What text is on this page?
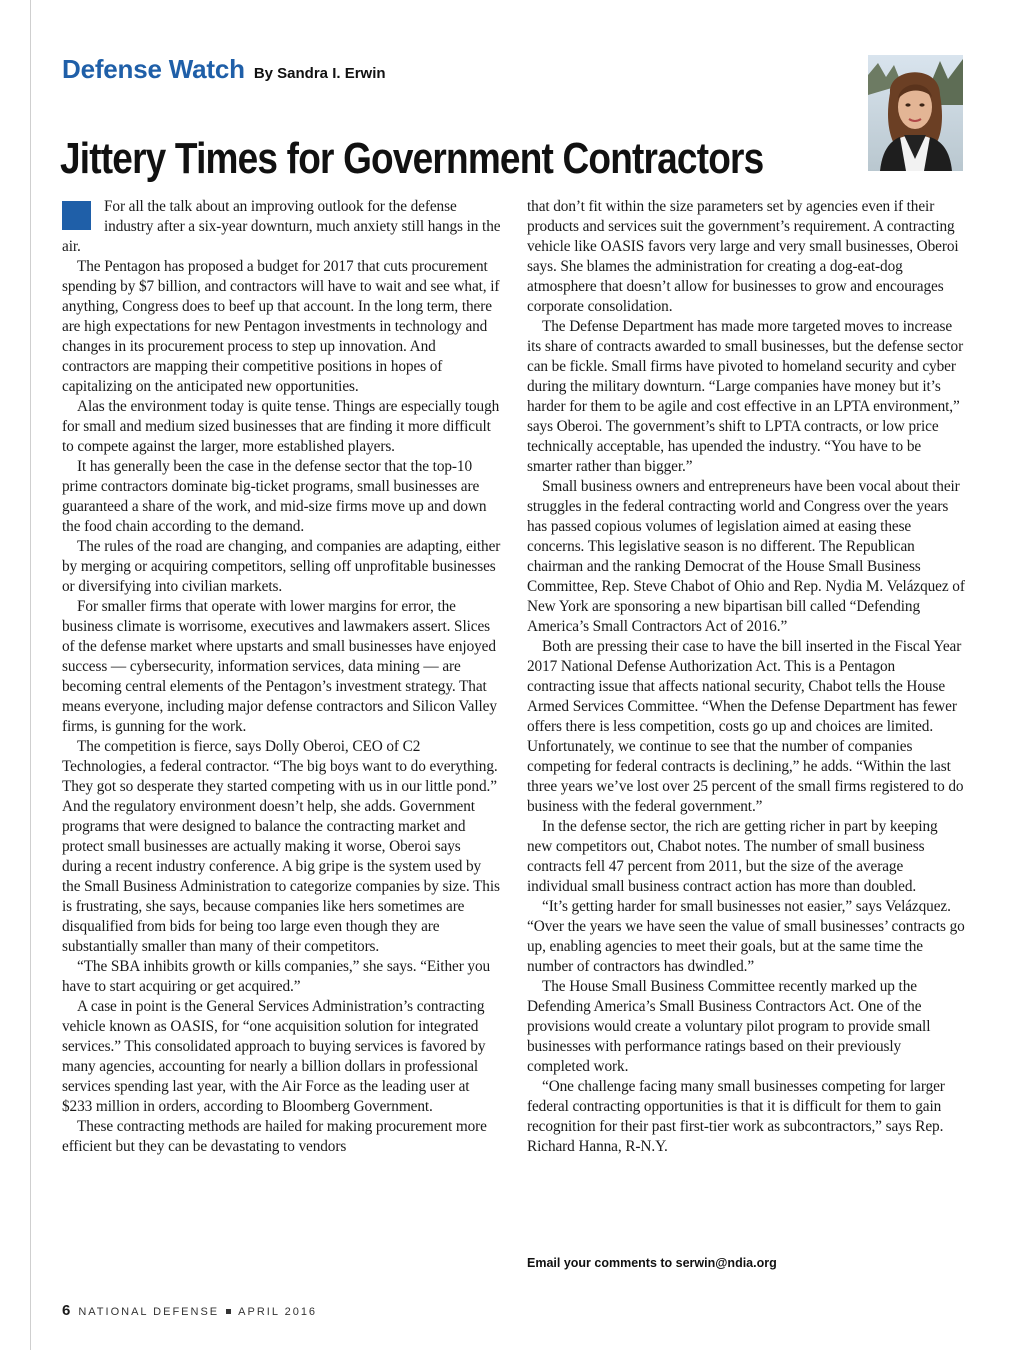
Defense Watch By Sandra I. Erwin
Jittery Times for Government Contractors

For all the talk about an improving outlook for the defense industry after a six-year downturn, much anxiety still hangs in the air.

The Pentagon has proposed a budget for 2017 that cuts procurement spending by $7 billion, and contractors will have to wait and see what, if anything, Congress does to beef up that account. In the long term, there are high expectations for new Pentagon investments in technology and changes in its procurement process to step up innovation. And contractors are mapping their competitive positions in hopes of capitalizing on the anticipated new opportunities.

Alas the environment today is quite tense. Things are especially tough for small and medium sized businesses that are finding it more difficult to compete against the larger, more established players.

It has generally been the case in the defense sector that the top-10 prime contractors dominate big-ticket programs, small businesses are guaranteed a share of the work, and mid-size firms move up and down the food chain according to the demand.

The rules of the road are changing, and companies are adapting, either by merging or acquiring competitors, selling off unprofitable businesses or diversifying into civilian markets.

For smaller firms that operate with lower margins for error, the business climate is worrisome, executives and lawmakers assert. Slices of the defense market where upstarts and small businesses have enjoyed success — cybersecurity, information services, data mining — are becoming central elements of the Pentagon’s investment strategy. That means everyone, including major defense contractors and Silicon Valley firms, is gunning for the work.

The competition is fierce, says Dolly Oberoi, CEO of C2 Technologies, a federal contractor. “The big boys want to do everything. They got so desperate they started competing with us in our little pond.” And the regulatory environment doesn’t help, she adds. Government programs that were designed to balance the contracting market and protect small businesses are actually making it worse, Oberoi says during a recent industry conference. A big gripe is the system used by the Small Business Administration to categorize companies by size. This is frustrating, she says, because companies like hers sometimes are disqualified from bids for being too large even though they are substantially smaller than many of their competitors.

“The SBA inhibits growth or kills companies,” she says. “Either you have to start acquiring or get acquired.”

A case in point is the General Services Administration’s contracting vehicle known as OASIS, for “one acquisition solution for integrated services.” This consolidated approach to buying services is favored by many agencies, accounting for nearly a billion dollars in professional services spending last year, with the Air Force as the leading user at $233 million in orders, according to Bloomberg Government.

These contracting methods are hailed for making procurement more efficient but they can be devastating to vendors

that don’t fit within the size parameters set by agencies even if their products and services suit the government’s requirement. A contracting vehicle like OASIS favors very large and very small businesses, Oberoi says. She blames the administration for creating a dog-eat-dog atmosphere that doesn’t allow for businesses to grow and encourages corporate consolidation.

The Defense Department has made more targeted moves to increase its share of contracts awarded to small businesses, but the defense sector can be fickle. Small firms have pivoted to homeland security and cyber during the military downturn. “Large companies have money but it’s harder for them to be agile and cost effective in an LPTA environment,” says Oberoi. The government’s shift to LPTA contracts, or low price technically acceptable, has upended the industry. “You have to be smarter rather than bigger.”

Small business owners and entrepreneurs have been vocal about their struggles in the federal contracting world and Congress over the years has passed copious volumes of legislation aimed at easing these concerns. This legislative season is no different. The Republican chairman and the ranking Democrat of the House Small Business Committee, Rep. Steve Chabot of Ohio and Rep. Nydia M. Velázquez of New York are sponsoring a new bipartisan bill called “Defending America’s Small Contractors Act of 2016.”

Both are pressing their case to have the bill inserted in the Fiscal Year 2017 National Defense Authorization Act. This is a Pentagon contracting issue that affects national security, Chabot tells the House Armed Services Committee. “When the Defense Department has fewer offers there is less competition, costs go up and choices are limited. Unfortunately, we continue to see that the number of companies competing for federal contracts is declining,” he adds. “Within the last three years we’ve lost over 25 percent of the small firms registered to do business with the federal government.”

In the defense sector, the rich are getting richer in part by keeping new competitors out, Chabot notes. The number of small business contracts fell 47 percent from 2011, but the size of the average individual small business contract action has more than doubled.

“It’s getting harder for small businesses not easier,” says Velázquez. “Over the years we have seen the value of small businesses’ contracts go up, enabling agencies to meet their goals, but at the same time the number of contractors has dwindled.”

The House Small Business Committee recently marked up the Defending America’s Small Business Contractors Act. One of the provisions would create a voluntary pilot program to provide small businesses with performance ratings based on their previously completed work.

“One challenge facing many small businesses competing for larger federal contracting opportunities is that it is difficult for them to gain recognition for their past first-tier work as subcontractors,” says Rep. Richard Hanna, R-N.Y.

Email your comments to serwin@ndia.org
6 NATIONAL DEFENSE APRIL 2016
